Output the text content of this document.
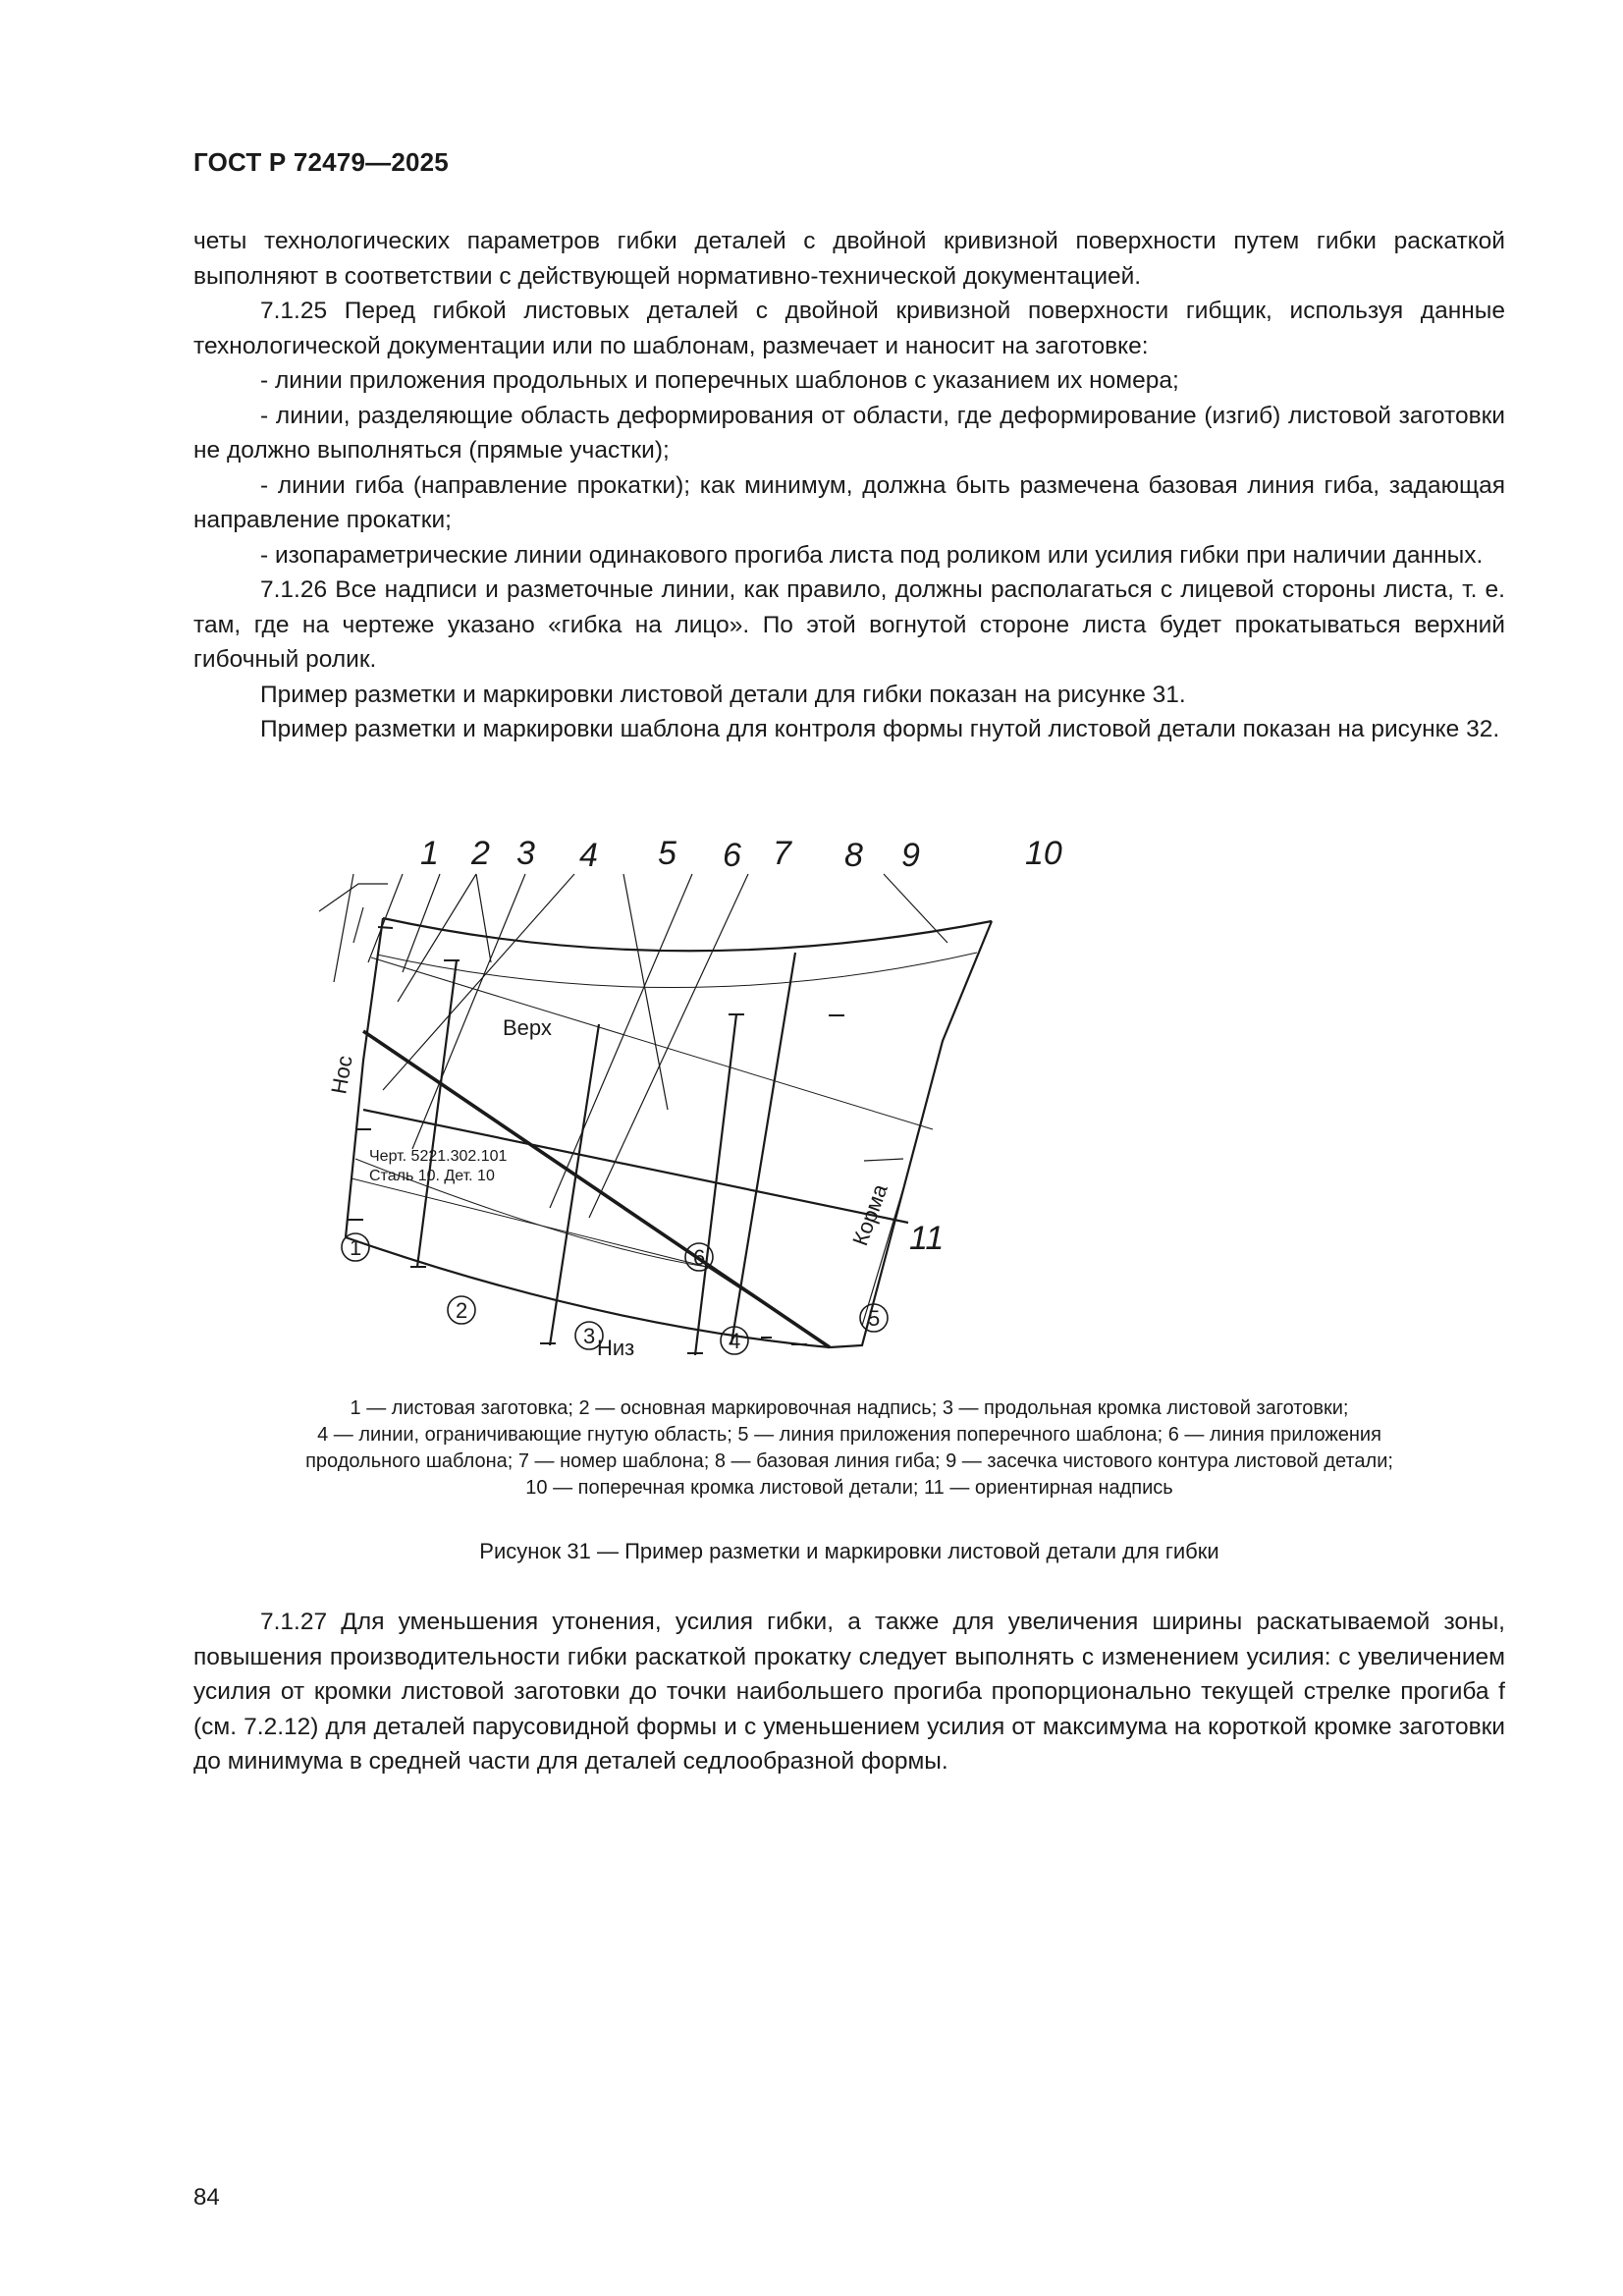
ГОСТ Р 72479—2025

четы технологических параметров гибки деталей с двойной кривизной поверхности путем гибки раскаткой выполняют в соответствии с действующей нормативно-технической документацией.

7.1.25 Перед гибкой листовых деталей с двойной кривизной поверхности гибщик, используя данные технологической документации или по шаблонам, размечает и наносит на заготовке:

- линии приложения продольных и поперечных шаблонов с указанием их номера;

- линии, разделяющие область деформирования от области, где деформирование (изгиб) листовой заготовки не должно выполняться (прямые участки);

- линии гиба (направление прокатки); как минимум, должна быть размечена базовая линия гиба, задающая направление прокатки;

- изопараметрические линии одинакового прогиба листа под роликом или усилия гибки при наличии данных.

7.1.26 Все надписи и разметочные линии, как правило, должны располагаться с лицевой стороны листа, т. е. там, где на чертеже указано «гибка на лицо». По этой вогнутой стороне листа будет прокатываться верхний гибочный ролик.

Пример разметки и маркировки листовой детали для гибки показан на рисунке 31.

Пример разметки и маркировки шаблона для контроля формы гнутой листовой детали показан на рисунке 32.

1 2 3 4 5 6 7 8 9	10
11
Верх
Низ
Нос
Корма
Черт. 5221.302.101
Сталь 10. Дет. 10
1
2
3	4
5
6
1 — листовая заготовка; 2 — основная маркировочная надпись; 3 — продольная кромка листовой заготовки;
4 — линии, ограничивающие гнутую область; 5 — линия приложения поперечного шаблона; 6 — линия приложения
продольного шаблона; 7 — номер шаблона; 8 — базовая линия гиба; 9 — засечка чистового контура листовой детали;
10 — поперечная кромка листовой детали; 11 — ориентирная надпись
Рисунок 31 — Пример разметки и маркировки листовой детали для гибки

7.1.27 Для уменьшения утонения, усилия гибки, а также для увеличения ширины раскатываемой зоны, повышения производительности гибки раскаткой прокатку следует выполнять с изменением усилия: с увеличением усилия от кромки листовой заготовки до точки наибольшего прогиба пропорционально текущей стрелке прогиба f (см. 7.2.12) для деталей парусовидной формы и с уменьшением усилия от максимума на короткой кромке заготовки до минимума в средней части для деталей седлообразной формы.

84
